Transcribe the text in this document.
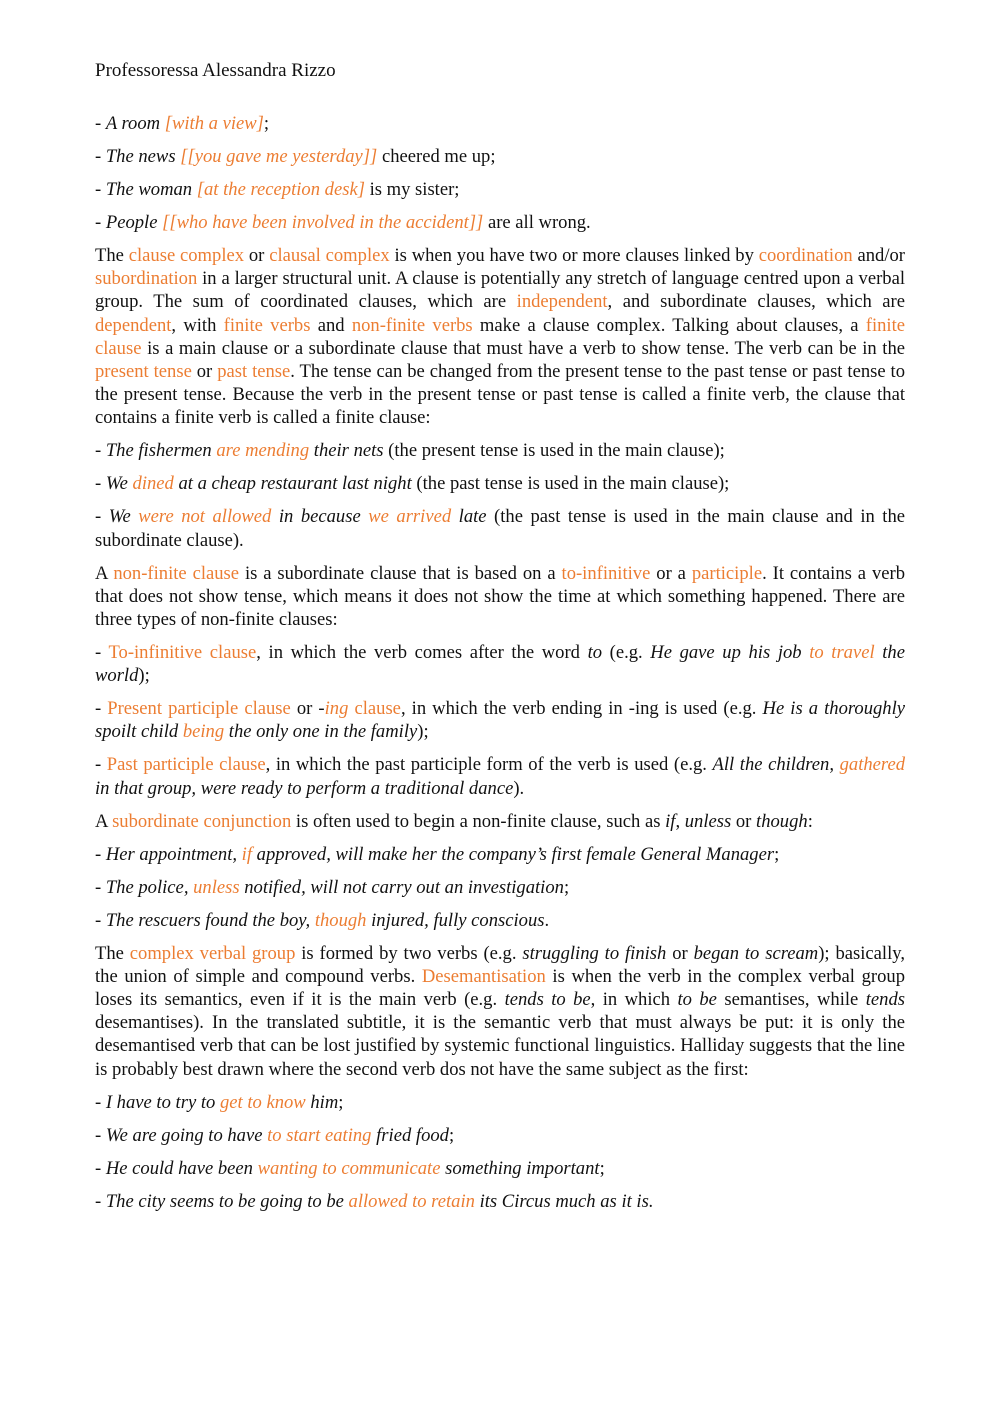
Professoressa Alessandra Rizzo
- A room [with a view];
- The news [[you gave me yesterday]] cheered me up;
- The woman [at the reception desk] is my sister;
- People [[who have been involved in the accident]] are all wrong.
The clause complex or clausal complex is when you have two or more clauses linked by coordination and/or subordination in a larger structural unit. A clause is potentially any stretch of language centred upon a verbal group. The sum of coordinated clauses, which are independent, and subordinate clauses, which are dependent, with finite verbs and non-finite verbs make a clause complex. Talking about clauses, a finite clause is a main clause or a subordinate clause that must have a verb to show tense. The verb can be in the present tense or past tense. The tense can be changed from the present tense to the past tense or past tense to the present tense. Because the verb in the present tense or past tense is called a finite verb, the clause that contains a finite verb is called a finite clause:
- The fishermen are mending their nets (the present tense is used in the main clause);
- We dined at a cheap restaurant last night (the past tense is used in the main clause);
- We were not allowed in because we arrived late (the past tense is used in the main clause and in the subordinate clause).
A non-finite clause is a subordinate clause that is based on a to-infinitive or a participle. It contains a verb that does not show tense, which means it does not show the time at which something happened. There are three types of non-finite clauses:
- To-infinitive clause, in which the verb comes after the word to (e.g. He gave up his job to travel the world);
- Present participle clause or -ing clause, in which the verb ending in -ing is used (e.g. He is a thoroughly spoilt child being the only one in the family);
- Past participle clause, in which the past participle form of the verb is used (e.g. All the children, gathered in that group, were ready to perform a traditional dance).
A subordinate conjunction is often used to begin a non-finite clause, such as if, unless or though:
- Her appointment, if approved, will make her the company’s first female General Manager;
- The police, unless notified, will not carry out an investigation;
- The rescuers found the boy, though injured, fully conscious.
The complex verbal group is formed by two verbs (e.g. struggling to finish or began to scream); basically, the union of simple and compound verbs. Desemantisation is when the verb in the complex verbal group loses its semantics, even if it is the main verb (e.g. tends to be, in which to be semantises, while tends desemantises). In the translated subtitle, it is the semantic verb that must always be put: it is only the desemantised verb that can be lost justified by systemic functional linguistics. Halliday suggests that the line is probably best drawn where the second verb dos not have the same subject as the first:
- I have to try to get to know him;
- We are going to have to start eating fried food;
- He could have been wanting to communicate something important;
- The city seems to be going to be allowed to retain its Circus much as it is.
